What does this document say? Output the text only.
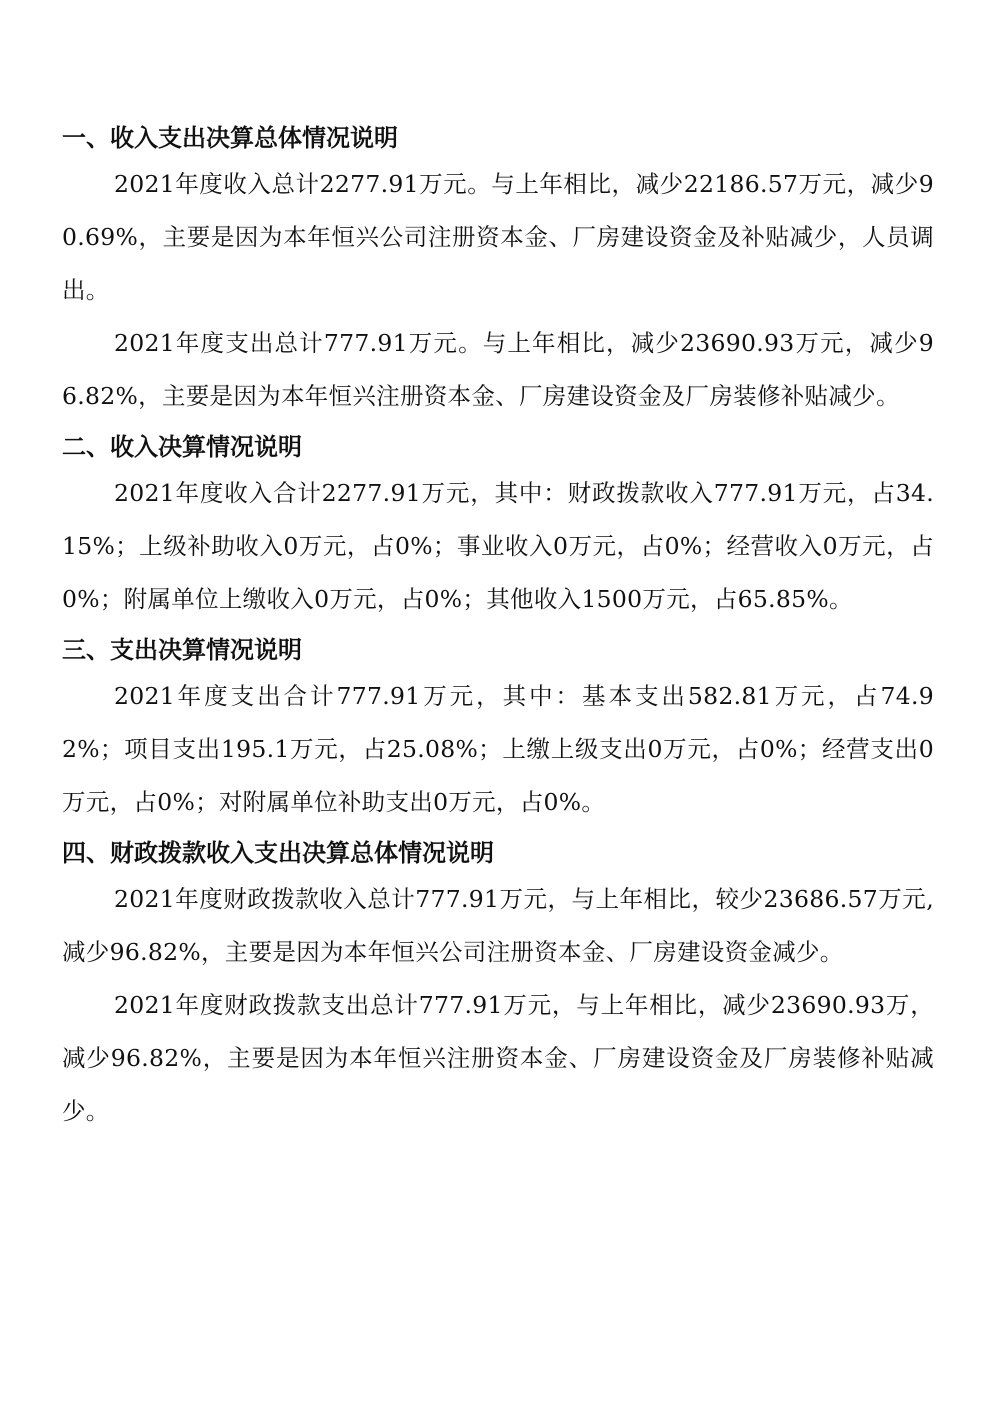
一、收入支出决算总体情况说明

2021年度收入总计2277.91万元。与上年相比，减少22186.57万元，减少90.69%，主要是因为本年恒兴公司注册资本金、厂房建设资金及补贴减少，人员调出。

2021年度支出总计777.91万元。与上年相比，减少23690.93万元，减少96.82%，主要是因为本年恒兴注册资本金、厂房建设资金及厂房装修补贴减少。

二、收入决算情况说明

2021年度收入合计2277.91万元，其中：财政拨款收入777.91万元，占34.15%；上级补助收入0万元，占0%；事业收入0万元，占0%；经营收入0万元，占0%；附属单位上缴收入0万元，占0%；其他收入1500万元，占65.85%。

三、支出决算情况说明

2021年度支出合计777.91万元，其中：基本支出582.81万元，占74.92%；项目支出195.1万元，占25.08%；上缴上级支出0万元，占0%；经营支出0万元，占0%；对附属单位补助支出0万元，占0%。

四、财政拨款收入支出决算总体情况说明

2021年度财政拨款收入总计777.91万元，与上年相比，较少23686.57万元,减少96.82%，主要是因为本年恒兴公司注册资本金、厂房建设资金减少。

2021年度财政拨款支出总计777.91万元，与上年相比，减少23690.93万，减少96.82%，主要是因为本年恒兴注册资本金、厂房建设资金及厂房装修补贴减少。
